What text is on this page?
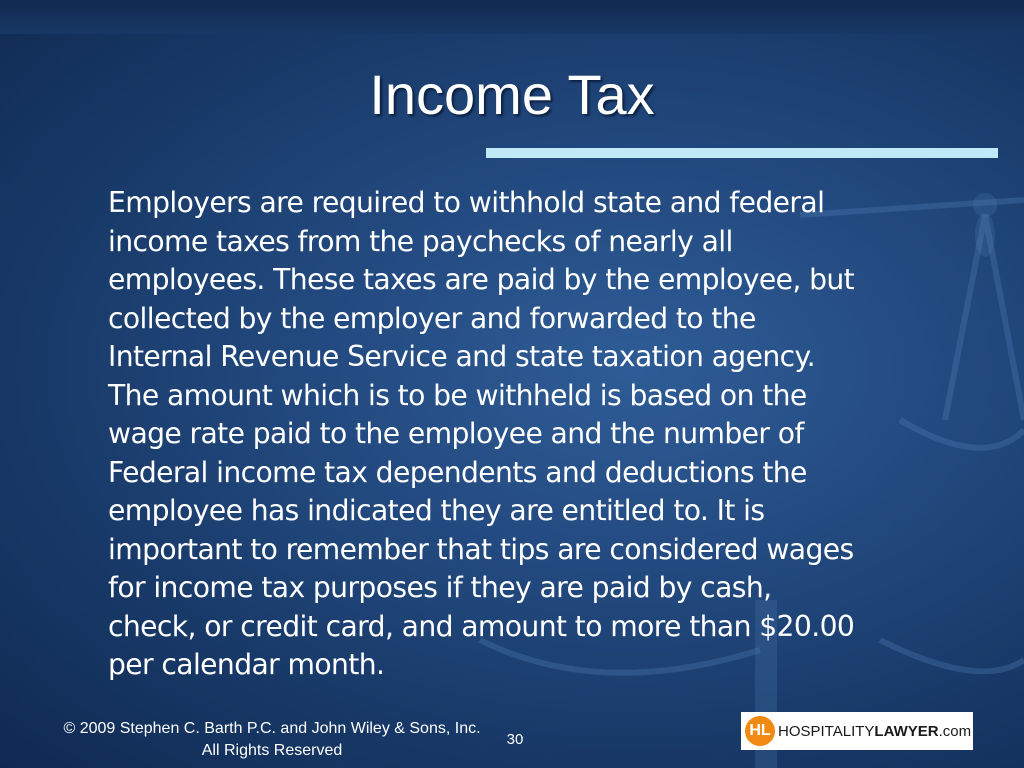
Income Tax
Employers are required to withhold state and federal
income taxes from the paychecks of nearly all
employees. These taxes are paid by the employee, but
collected by the employer and forwarded to the
Internal Revenue Service and state taxation agency.
The amount which is to be withheld is based on the
wage rate paid to the employee and the number of
Federal income tax dependents and deductions the
employee has indicated they are entitled to. It is
important to remember that tips are considered wages
for income tax purposes if they are paid by cash,
check, or credit card, and amount to more than $20.00
per calendar month.
© 2009 Stephen C. Barth P.C. and John Wiley & Sons, Inc.
All Rights Reserved
30
HL HOSPITALITYLAWYER.com
